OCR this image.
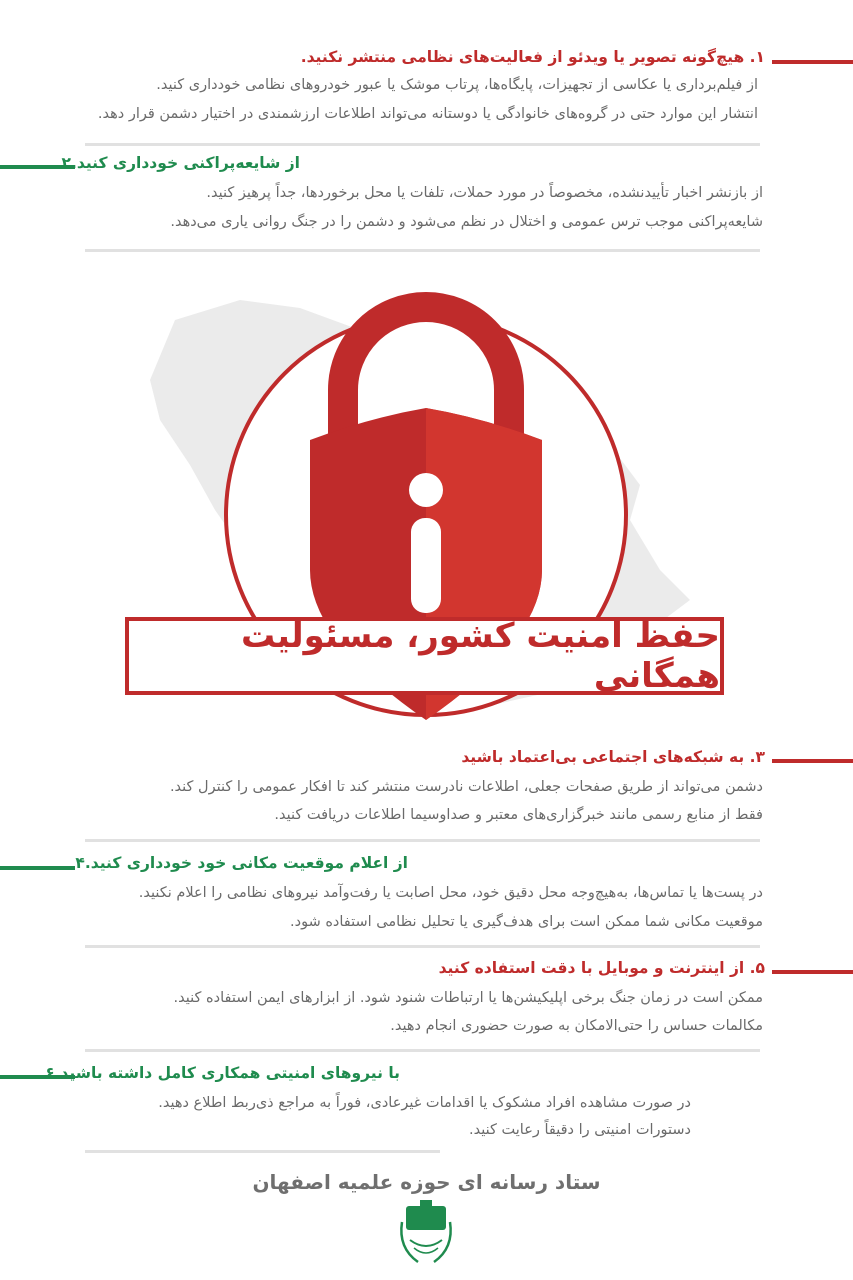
۱. هیچ‌گونه تصویر یا ویدئو از فعالیت‌های نظامی منتشر نکنید.
از فیلم‌برداری یا عکاسی از تجهیزات، پایگاه‌ها، پرتاب موشک یا عبور خودروهای نظامی خودداری کنید.
انتشار این موارد حتی در گروه‌های خانوادگی یا دوستانه می‌تواند اطلاعات ارزشمندی در اختیار دشمن قرار دهد.
از شایعه‌پراکنی خودداری کنید.۲
از بازنشر اخبار تأییدنشده، مخصوصاً در مورد حملات، تلفات یا محل برخوردها، جداً پرهیز کنید.
شایعه‌پراکنی موجب ترس عمومی و اختلال در نظم می‌شود و دشمن را در جنگ روانی یاری می‌دهد.
حفظ امنیت کشور، مسئولیت همگانی
۳. به شبکه‌های اجتماعی بی‌اعتماد باشید
دشمن می‌تواند از طریق صفحات جعلی، اطلاعات نادرست منتشر کند تا افکار عمومی را کنترل کند.
فقط از منابع رسمی مانند خبرگزاری‌های معتبر و صداوسیما اطلاعات دریافت کنید.
از اعلام موقعیت مکانی خود خودداری کنید.۴
در پست‌ها یا تماس‌ها، به‌هیچ‌وجه محل دقیق خود، محل اصابت یا رفت‌وآمد نیروهای نظامی را اعلام نکنید.
موقعیت مکانی شما ممکن است برای هدف‌گیری یا تحلیل نظامی استفاده شود.
۵. از اینترنت و موبایل با دقت استفاده کنید
ممکن است در زمان جنگ برخی اپلیکیشن‌ها یا ارتباطات شنود شود. از ابزارهای ایمن استفاده کنید.
مکالمات حساس را حتی‌الامکان به صورت حضوری انجام دهید.
با نیروهای امنیتی همکاری کامل داشته باشید.۶
در صورت مشاهده افراد مشکوک یا اقدامات غیرعادی، فوراً به مراجع ذی‌ربط اطلاع دهید.
دستورات امنیتی را دقیقاً رعایت کنید.
ستاد رسانه ای حوزه علمیه اصفهان
